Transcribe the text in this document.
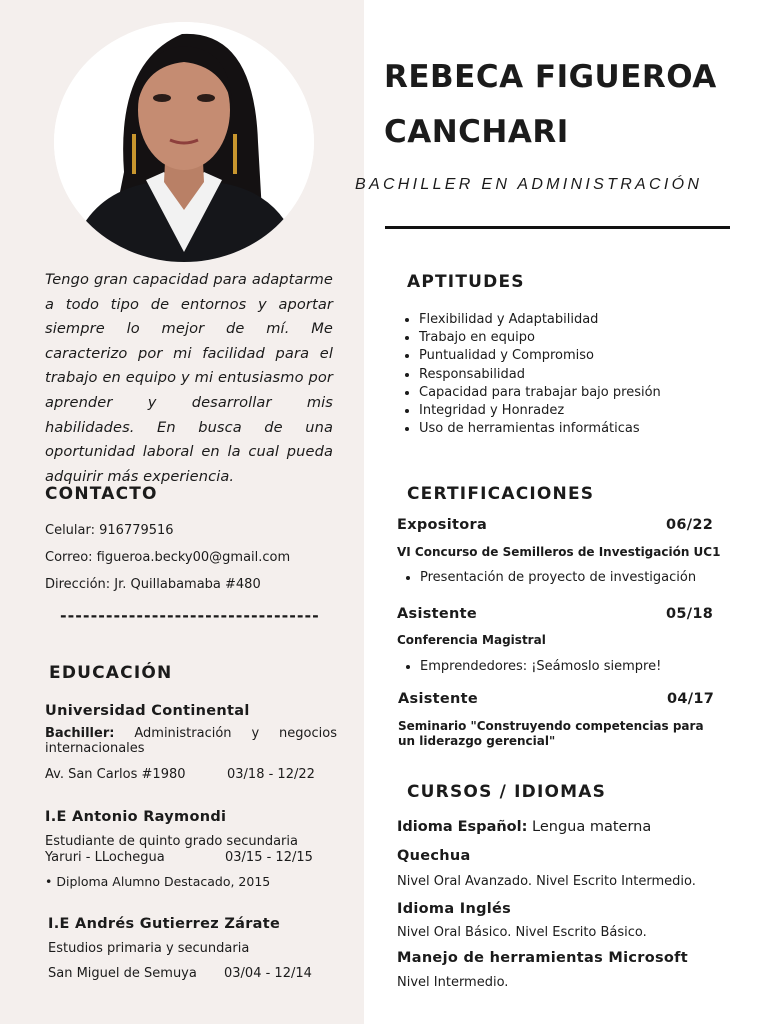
Tengo gran capacidad para adaptarme a todo tipo de entornos y aportar siempre lo mejor de mí. Me caracterizo por mi facilidad para el trabajo en equipo y mi entusiasmo por aprender y desarrollar mis habilidades. En busca de una oportunidad laboral en la cual pueda adquirir más experiencia.
CONTACTO
Celular: 916779516
Correo: figueroa.becky00@gmail.com
Dirección: Jr. Quillabamaba #480
----------------------------------
EDUCACIÓN
Universidad Continental
Bachiller: Administración y negocios internacionales
Av. San Carlos #1980	03/18 - 12/22
I.E Antonio Raymondi
Estudiante de quinto grado secundaria
Yaruri - LLochegua	03/15 - 12/15
• Diploma Alumno Destacado, 2015
I.E Andrés Gutierrez Zárate
Estudios primaria y secundaria
San Miguel de Semuya 03/04 - 12/14
REBECA FIGUEROA
CANCHARI
BACHILLER EN ADMINISTRACIÓN
APTITUDES
• Flexibilidad y Adaptabilidad
• Trabajo en equipo
• Puntualidad y Compromiso
• Responsabilidad
• Capacidad para trabajar bajo presión
• Integridad y Honradez
• Uso de herramientas informáticas
CERTIFICACIONES
Expositora	06/22
VI Concurso de Semilleros de Investigación UC1
• Presentación de proyecto de investigación
Asistente	05/18
Conferencia Magistral
• Emprendedores: ¡Seámoslo siempre!
Asistente	04/17
Seminario "Construyendo competencias para un liderazgo gerencial"
CURSOS / IDIOMAS
Idioma Español: Lengua materna
Quechua
Nivel Oral Avanzado. Nivel Escrito Intermedio.
Idioma Inglés
Nivel Oral Básico. Nivel Escrito Básico.
Manejo de herramientas Microsoft
Nivel Intermedio.
